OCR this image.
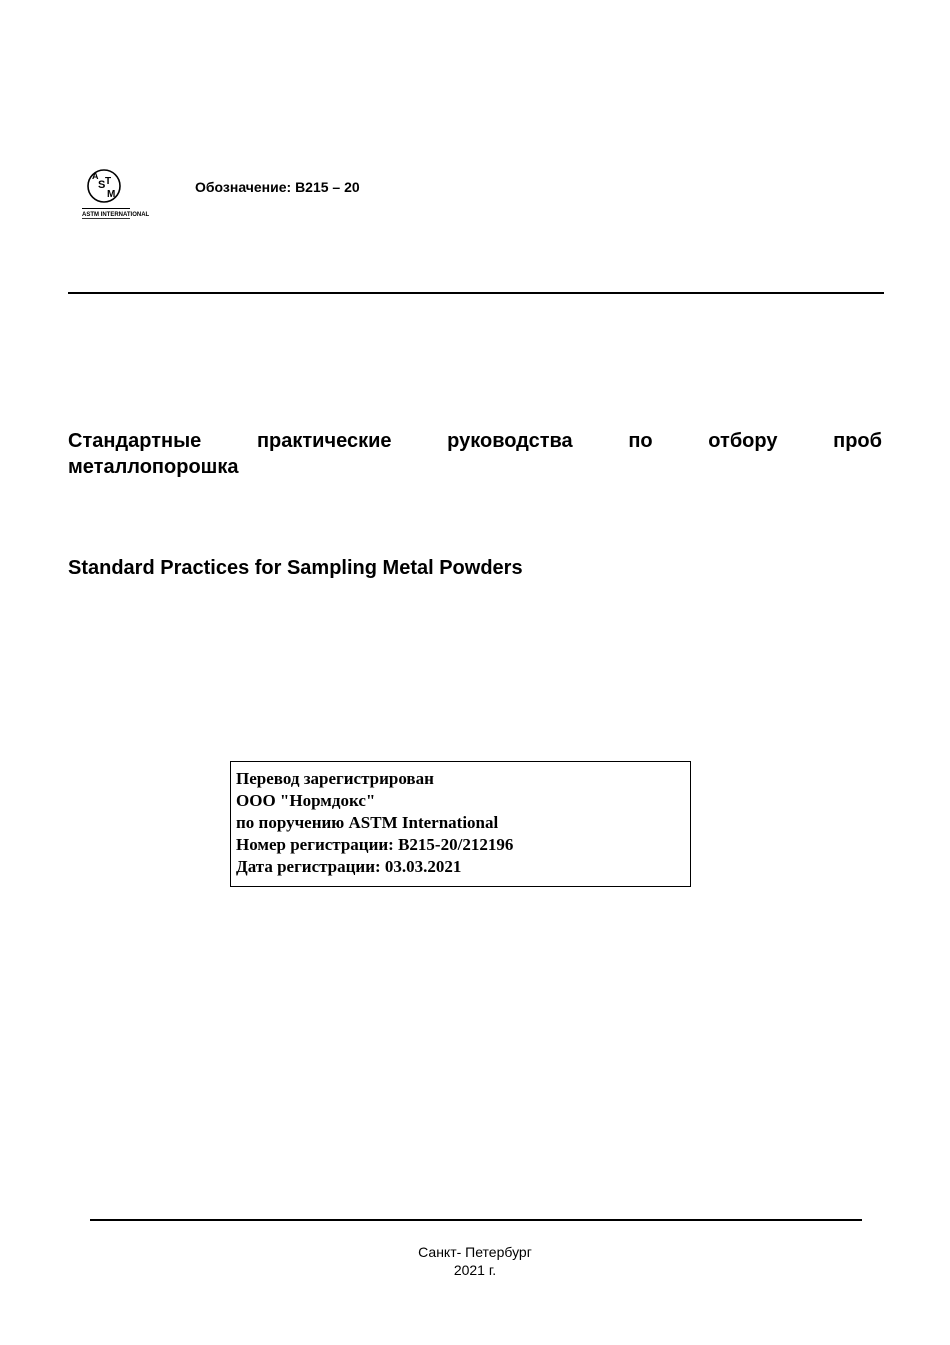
A
S T
M
ASTM INTERNATIONAL
Обозначение: B215 – 20
Стандартные практические руководства по отбору проб
металлопорошка
Standard Practices for Sampling Metal Powders
Перевод зарегистрирован
ООО "Нормдокс"
по поручению ASTM International
Номер регистрации: B215-20/212196
Дата регистрации: 03.03.2021
Санкт- Петербург
2021 г.
